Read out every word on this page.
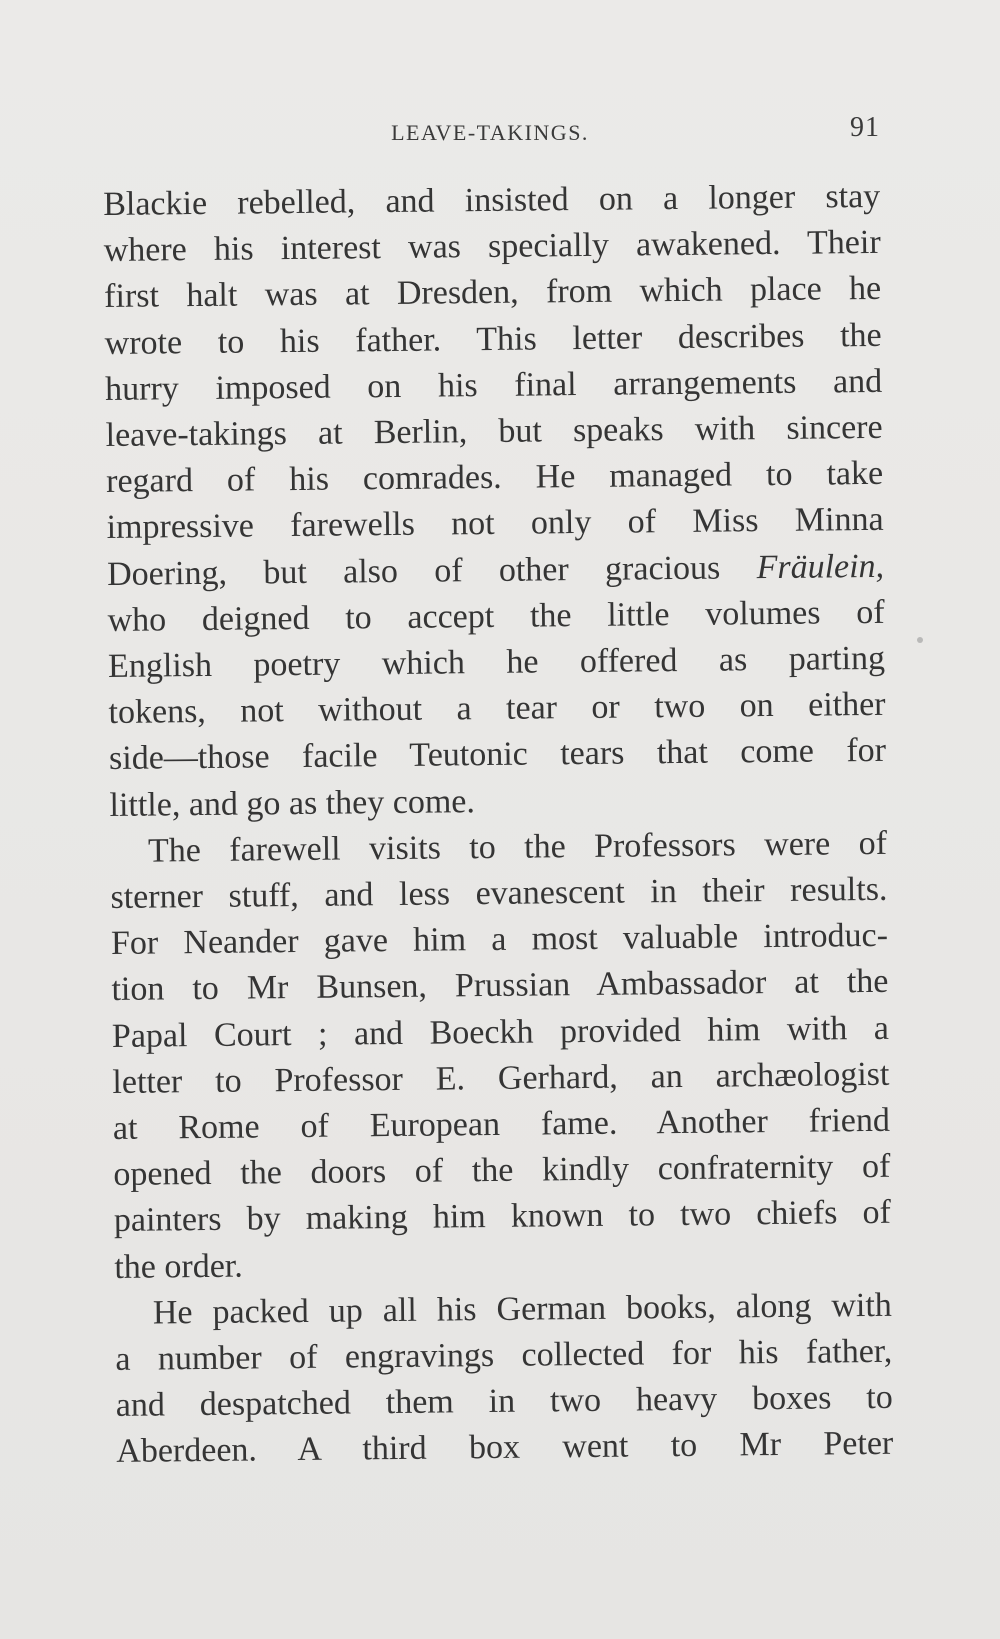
LEAVE-TAKINGS.	91

Blackie rebelled, and insisted on a longer stay
where his interest was specially awakened. Their
first halt was at Dresden, from which place he
wrote to his father. This letter describes the
hurry imposed on his final arrangements and
leave-takings at Berlin, but speaks with sincere
regard of his comrades. He managed to take
impressive farewells not only of Miss Minna
Doering, but also of other gracious Fräulein,
who deigned to accept the little volumes of
English poetry which he offered as parting
tokens, not without a tear or two on either
side—those facile Teutonic tears that come for
little, and go as they come.

The farewell visits to the Professors were of
sterner stuff, and less evanescent in their results.
For Neander gave him a most valuable introduc-
tion to Mr Bunsen, Prussian Ambassador at the
Papal Court ; and Boeckh provided him with a
letter to Professor E. Gerhard, an archæologist
at Rome of European fame. Another friend
opened the doors of the kindly confraternity of
painters by making him known to two chiefs of
the order.

He packed up all his German books, along with
a number of engravings collected for his father,
and despatched them in two heavy boxes to
Aberdeen. A third box went to Mr Peter
